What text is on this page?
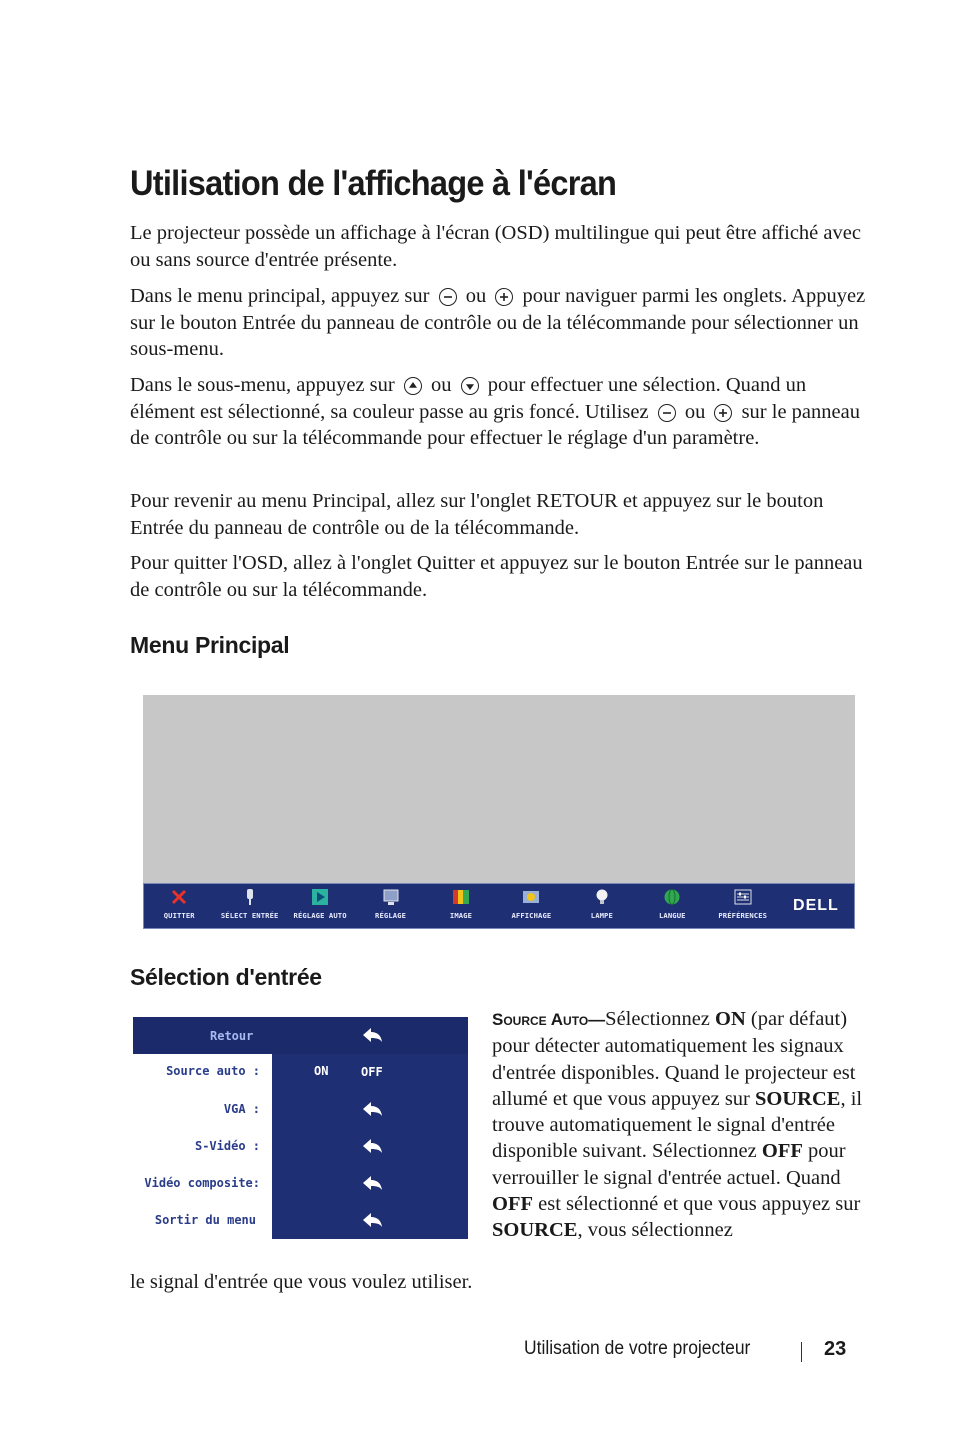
Utilisation de l'affichage à l'écran

Le projecteur possède un affichage à l'écran (OSD) multilingue qui peut être affiché avec ou sans source d'entrée présente.

Dans le menu principal, appuyez sur ou pour naviguer parmi les onglets. Appuyez sur le bouton Entrée du panneau de contrôle ou de la télécommande pour sélectionner un sous-menu.

Dans le sous-menu, appuyez sur ou pour effectuer une sélection. Quand un élément est sélectionné, sa couleur passe au gris foncé. Utilisez ou sur le panneau de contrôle ou sur la télécommande pour effectuer le réglage d'un paramètre.

Pour revenir au menu Principal, allez sur l'onglet RETOUR et appuyez sur le bouton Entrée du panneau de contrôle ou de la télécommande.

Pour quitter l'OSD, allez à l'onglet Quitter et appuyez sur le bouton Entrée sur le panneau de contrôle ou sur la télécommande.

Menu Principal
QUITTER	SÉLECT ENTRÉE	RÉGLAGE AUTO	RÉGLAGE	IMAGE	AFFICHAGE	LAMPE	LANGUE	PRÉFÉRENCES
DELL
Sélection d'entrée
Retour
Source auto :	ON	OFF
VGA :
S-Vidéo :
Vidéo composite:
Sortir du menu
Source Auto—Sélectionnez ON (par défaut) pour détecter automatiquement les signaux d'entrée disponibles. Quand le projecteur est allumé et que vous appuyez sur SOURCE, il trouve automatiquement le signal d'entrée disponible suivant. Sélectionnez OFF pour verrouiller le signal d'entrée actuel. Quand OFF est sélectionné et que vous appuyez sur SOURCE, vous sélectionnez
le signal d'entrée que vous voulez utiliser.
Utilisation de votre projecteur	23
